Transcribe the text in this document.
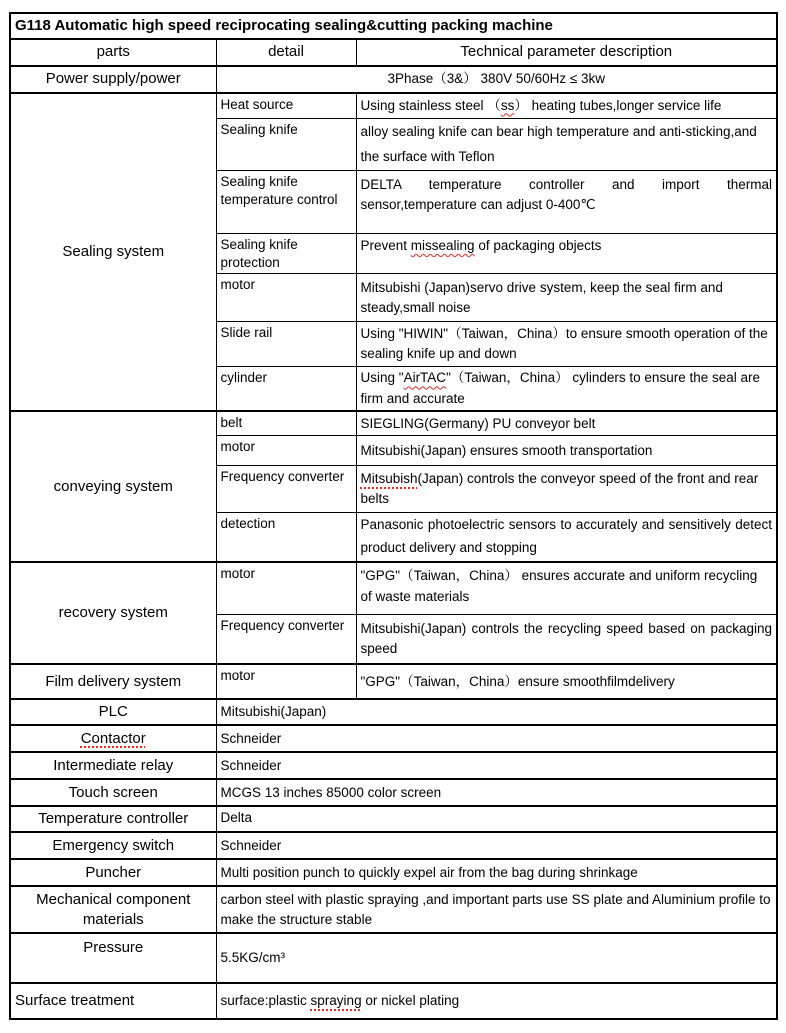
G118 Automatic high speed reciprocating sealing&cutting packing machine		
parts	detail	Technical parameter description
Power supply/power	3Phase（3&） 380V 50/60Hz ≤ 3kw	
Sealing system	Heat source	Using stainless steel （ss） heating tubes,longer service life
	Sealing knife	alloy sealing knife can bear high temperature and anti-sticking,and the surface with Teflon
	Sealing knife temperature control	DELTA temperature controller and import thermal sensor,temperature can adjust 0-400℃
	Sealing knife protection	Prevent missealing of packaging objects
	motor	Mitsubishi (Japan)servo drive system, keep the seal firm and steady,small noise
	Slide rail	Using "HIWIN"（Taiwan，China）to ensure smooth operation of the sealing knife up and down
	cylinder	Using "AirTAC"（Taiwan，China） cylinders to ensure the seal are firm and accurate
conveying system	belt	SIEGLING(Germany) PU conveyor belt
	motor	Mitsubishi(Japan) ensures smooth transportation
	Frequency converter	Mitsubish(Japan) controls the conveyor speed of the front and rear belts
	detection	Panasonic photoelectric sensors to accurately and sensitively detect product delivery and stopping
recovery system	motor	"GPG"（Taiwan，China） ensures accurate and uniform recycling of waste materials
	Frequency converter	Mitsubishi(Japan) controls the recycling speed based on packaging speed
Film delivery system	motor	"GPG"（Taiwan，China）ensure smoothfilmdelivery
PLC	Mitsubishi(Japan)	
Contactor	Schneider	
Intermediate relay	Schneider	
Touch screen	MCGS 13 inches 85000 color screen	
Temperature controller	Delta	
Emergency switch	Schneider	
Puncher	Multi position punch to quickly expel air from the bag during shrinkage	
Mechanical component materials	carbon steel with plastic spraying ,and important parts use SS plate and Aluminium profile to make the structure stable	
Pressure	5.5KG/cm³	
Surface treatment	surface:plastic spraying or nickel plating	
